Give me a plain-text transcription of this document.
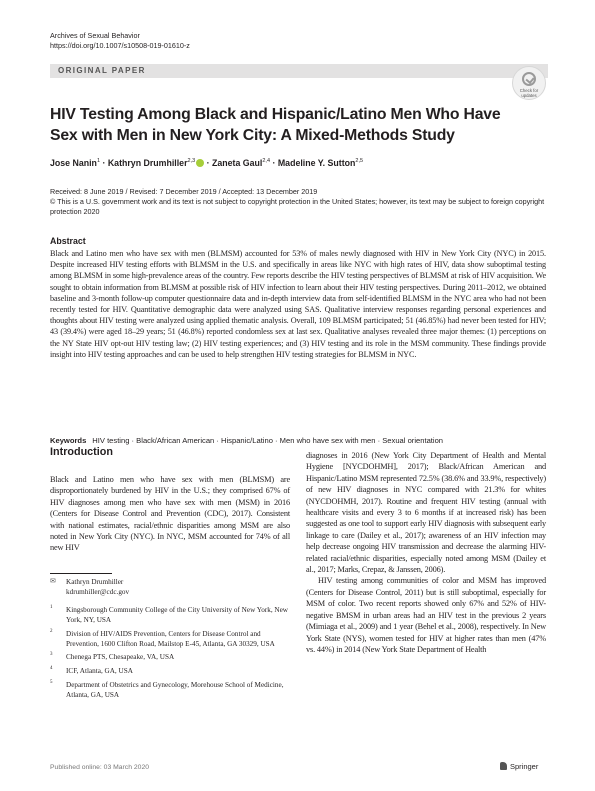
Archives of Sexual Behavior
https://doi.org/10.1007/s10508-019-01610-z
ORIGINAL PAPER
Check for
updates
HIV Testing Among Black and Hispanic/Latino Men Who Have Sex with Men in New York City: A Mixed-Methods Study
Jose Nanin$^1$ · Kathryn Drumhiller$^{2,3}$ · Zaneta Gaul$^{2,4}$ · Madeline Y. Sutton$^{2,5}$
Received: 8 June 2019 / Revised: 7 December 2019 / Accepted: 13 December 2019
© This is a U.S. government work and its text is not subject to copyright protection in the United States; however, its text may be subject to foreign copyright protection 2020
Abstract
Black and Latino men who have sex with men (BLMSM) accounted for 53% of males newly diagnosed with HIV in New York City (NYC) in 2015. Despite increased HIV testing efforts with BLMSM in the U.S. and specifically in areas like NYC with high rates of HIV, data show suboptimal testing among BLMSM in some high-prevalence areas of the country. Few reports describe the HIV testing perspectives of BLMSM at risk of HIV acquisition. We sought to obtain information from BLMSM at possible risk of HIV infection to learn about their HIV testing perspectives. During 2011–2012, we obtained baseline and 3-month follow-up computer questionnaire data and in-depth interview data from self-identified BLMSM in the NYC area who had not been recently tested for HIV. Quantitative demographic data were analyzed using SAS. Qualitative interview responses regarding personal experiences and thoughts about HIV testing were analyzed using applied thematic analysis. Overall, 109 BLMSM participated; 51 (46.85%) had never been tested for HIV; 43 (39.4%) were aged 18–29 years; 51 (46.8%) reported condomless sex at last sex. Qualitative analyses revealed three major themes: (1) perceptions on the NY State HIV opt-out HIV testing law; (2) HIV testing experiences; and (3) HIV testing and its role in the MSM community. These findings provide insight into HIV testing approaches and can be used to help strengthen HIV testing strategies for BLMSM in NYC.
Keywords HIV testing · Black/African American · Hispanic/Latino · Men who have sex with men · Sexual orientation
Introduction
Black and Latino men who have sex with men (BLMSM) are disproportionately burdened by HIV in the U.S.; they comprised 67% of HIV diagnoses among men who have sex with men (MSM) in 2016 (Centers for Disease Control and Prevention (CDC), 2017). Consistent with national estimates, racial/ethnic disparities among MSM are also noted in New York City (NYC). In NYC, MSM accounted for 74% of all new HIV
✉	Kathryn Drumhiller
kdrumhiller@cdc.gov
1 Kingsborough Community College of the City University of New York, New York, NY, USA
2 Division of HIV/AIDS Prevention, Centers for Disease Control and Prevention, 1600 Clifton Road, Mailstop E-45, Atlanta, GA 30329, USA
3 Chenega PTS, Chesapeake, VA, USA
4 ICF, Atlanta, GA, USA
5 Department of Obstetrics and Gynecology, Morehouse School of Medicine, Atlanta, GA, USA

diagnoses in 2016 (New York City Department of Health and Mental Hygiene [NYCDOHMH], 2017); Black/African American and Hispanic/Latino MSM represented 72.5% (38.6% and 33.9%, respectively) of new HIV diagnoses in NYC compared with 21.3% for whites (NYCDOHMH, 2017). Routine and frequent HIV testing (annual with healthcare visits and every 3 to 6 months if at increased risk) has been suggested as one tool to support early HIV diagnosis with subsequent early linkage to care (Dailey et al., 2017); awareness of an HIV infection may help decrease ongoing HIV transmission and decrease the alarming HIV-related racial/ethnic disparities, especially noted among MSM (Dailey et al., 2017; Marks, Crepaz, & Janssen, 2006).

HIV testing among communities of color and MSM has improved (Centers for Disease Control, 2011) but is still suboptimal, especially for MSM of color. Two recent reports showed only 67% and 52% of HIV-negative BMSM in urban areas had an HIV test in the previous 2 years (Mimiaga et al., 2009) and 1 year (Behel et al., 2008), respectively. In New York State (NYS), women tested for HIV at higher rates than men (47% vs. 44%) in 2014 (New York State Department of Health

Published online: 03 March 2020	Springer
